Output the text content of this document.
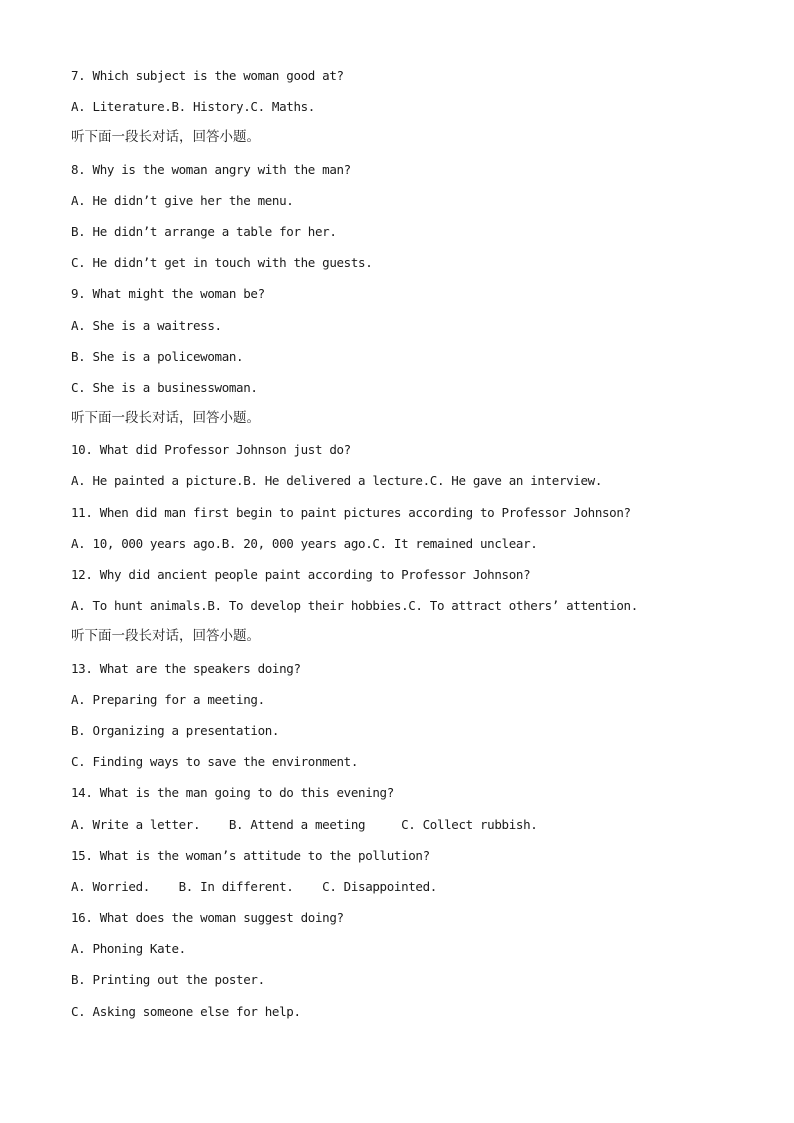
7. Which subject is the woman good at?
A. Literature.B. History.C. Maths.
听下面一段长对话，回答小题。
8. Why is the woman angry with the man?
A. He didn’t give her the menu.
B. He didn’t arrange a table for her.
C. He didn’t get in touch with the guests.
9. What might the woman be?
A. She is a waitress.
B. She is a policewoman.
C. She is a businesswoman.
听下面一段长对话，回答小题。
10. What did Professor Johnson just do?
A. He painted a picture.B. He delivered a lecture.C. He gave an interview.
11. When did man first begin to paint pictures according to Professor Johnson?
A. 10, 000 years ago.B. 20, 000 years ago.C. It remained unclear.
12. Why did ancient people paint according to Professor Johnson?
A. To hunt animals.B. To develop their hobbies.C. To attract others’ attention.
听下面一段长对话，回答小题。
13. What are the speakers doing?
A. Preparing for a meeting.
B. Organizing a presentation.
C. Finding ways to save the environment.
14. What is the man going to do this evening?
A. Write a letter.    B. Attend a meeting     C. Collect rubbish.
15. What is the woman’s attitude to the pollution?
A. Worried.    B. In different.    C. Disappointed.
16. What does the woman suggest doing?
A. Phoning Kate.
B. Printing out the poster.
C. Asking someone else for help.
